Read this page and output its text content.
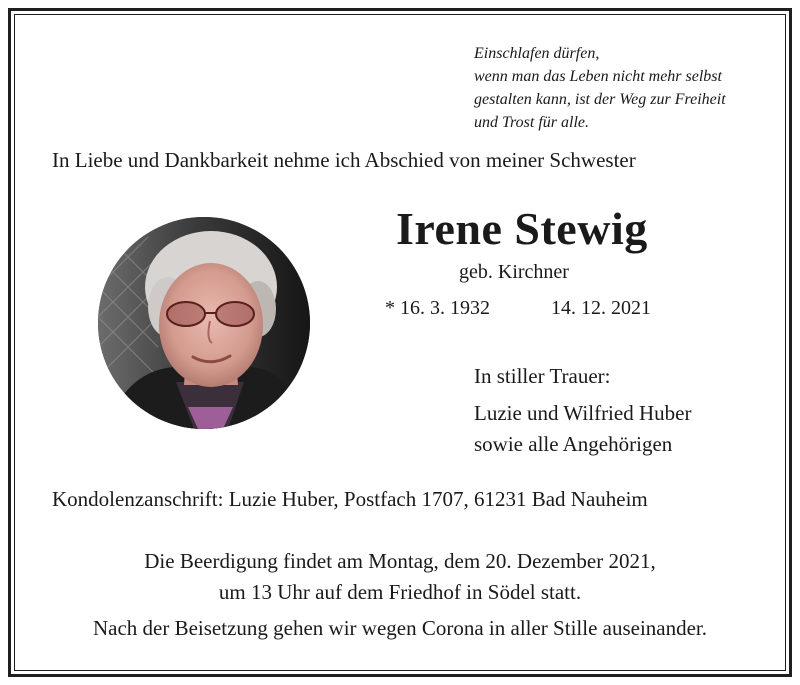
Einschlafen dürfen,
wenn man das Leben nicht mehr selbst
gestalten kann, ist der Weg zur Freiheit
und Trost für alle.
In Liebe und Dankbarkeit nehme ich Abschied von meiner Schwester
Irene Stewig
geb. Kirchner
* 16. 3. 1932	14. 12. 2021
In stiller Trauer:
Luzie und Wilfried Huber
sowie alle Angehörigen
Kondolenzanschrift: Luzie Huber, Postfach 1707, 61231 Bad Nauheim
Die Beerdigung findet am Montag, dem 20. Dezember 2021,
um 13 Uhr auf dem Friedhof in Södel statt.
Nach der Beisetzung gehen wir wegen Corona in aller Stille auseinander.
